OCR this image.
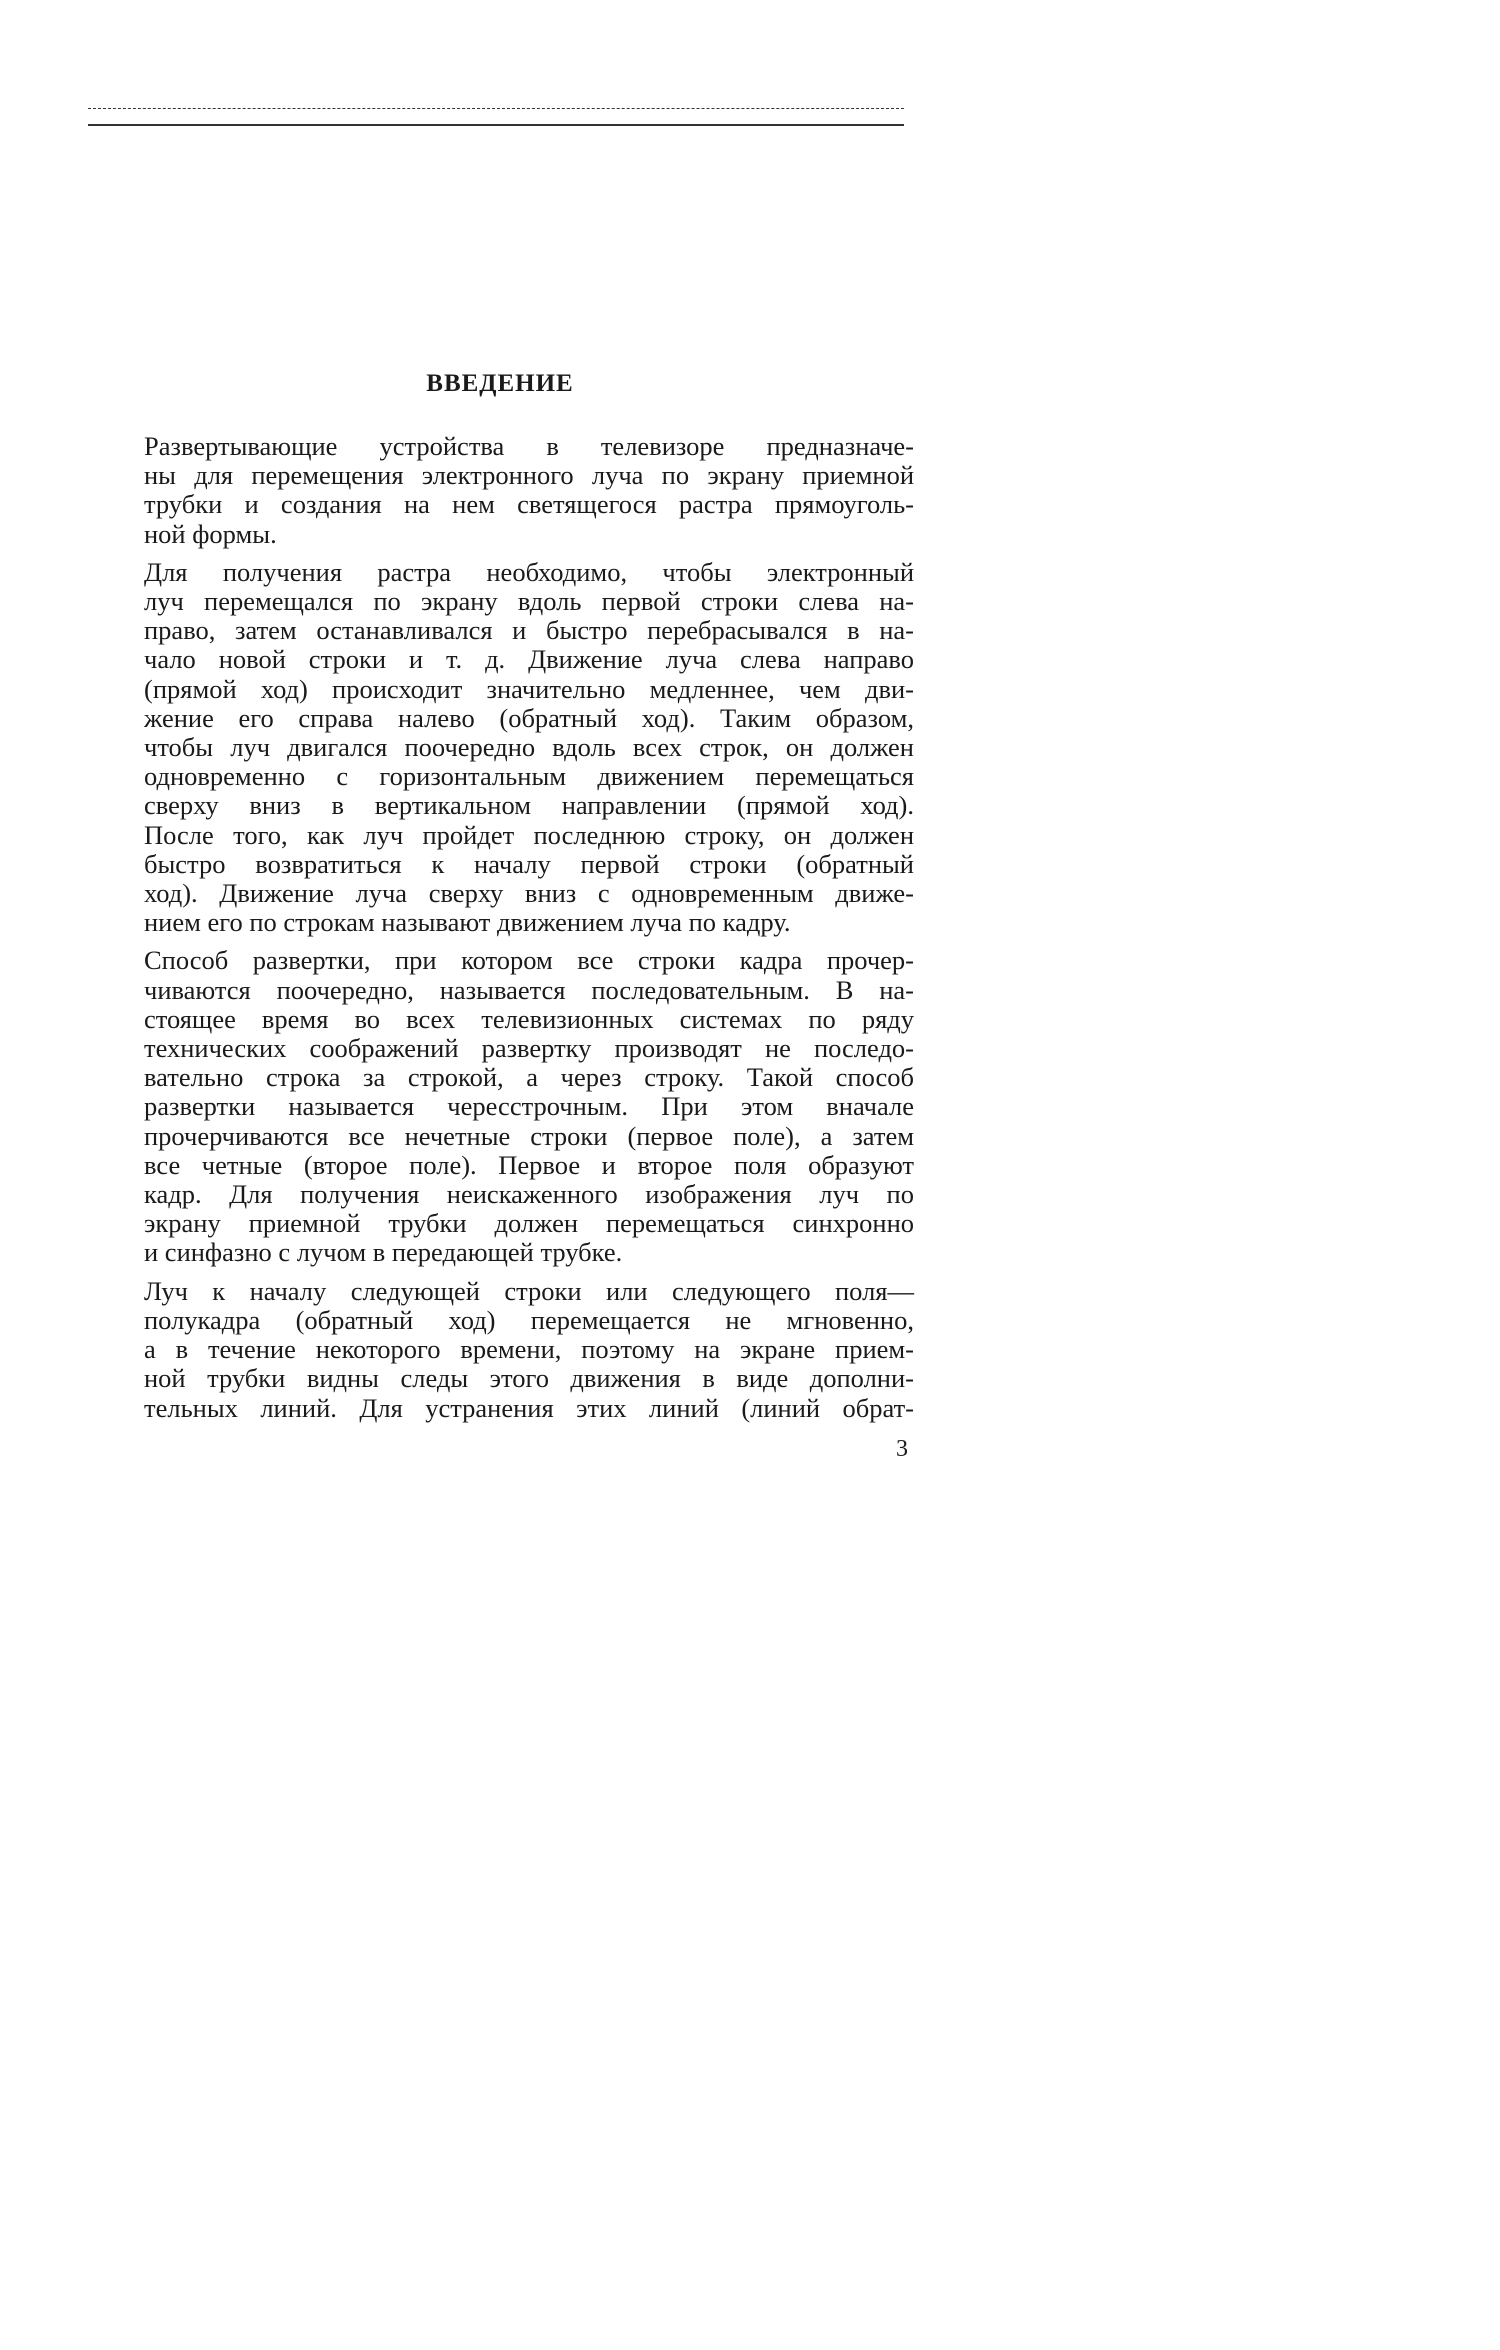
ВВЕДЕНИЕ

Развертывающие устройства в телевизоре предназначе-
ны для перемещения электронного луча по экрану приемной
трубки и создания на нем светящегося растра прямоуголь-
ной формы.

Для получения растра необходимо, чтобы электронный
луч перемещался по экрану вдоль первой строки слева на-
право, затем останавливался и быстро перебрасывался в на-
чало новой строки и т. д. Движение луча слева направо
(прямой ход) происходит значительно медленнее, чем дви-
жение его справа налево (обратный ход). Таким образом,
чтобы луч двигался поочередно вдоль всех строк, он должен
одновременно с горизонтальным движением перемещаться
сверху вниз в вертикальном направлении (прямой ход).
После того, как луч пройдет последнюю строку, он должен
быстро возвратиться к началу первой строки (обратный
ход). Движение луча сверху вниз с одновременным движе-
нием его по строкам называют движением луча по кадру.

Способ развертки, при котором все строки кадра прочер-
чиваются поочередно, называется последовательным. В на-
стоящее время во всех телевизионных системах по ряду
технических соображений развертку производят не последо-
вательно строка за строкой, а через строку. Такой способ
развертки называется чересстрочным. При этом вначале
прочерчиваются все нечетные строки (первое поле), а затем
все четные (второе поле). Первое и второе поля образуют
кадр. Для получения неискаженного изображения луч по
экрану приемной трубки должен перемещаться синхронно
и синфазно с лучом в передающей трубке.

Луч к началу следующей строки или следующего поля—
полукадра (обратный ход) перемещается не мгновенно,
а в течение некоторого времени, поэтому на экране прием-
ной трубки видны следы этого движения в виде дополни-
тельных линий. Для устранения этих линий (линий обрат-

3
